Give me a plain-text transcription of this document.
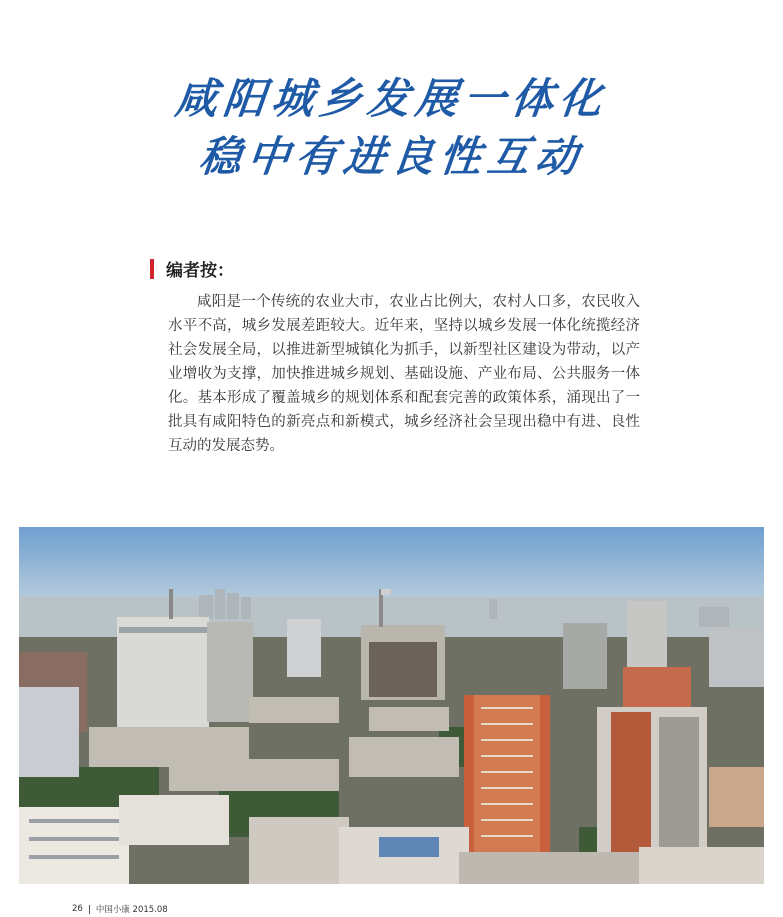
咸阳城乡发展一体化
稳中有进良性互动
编者按：

咸阳是一个传统的农业大市，农业占比例大，农村人口多，农民收入水平不高，城乡发展差距较大。近年来，坚持以城乡发展一体化统揽经济社会发展全局，以推进新型城镇化为抓手，以新型社区建设为带动，以产业增收为支撑，加快推进城乡规划、基础设施、产业布局、公共服务一体化。基本形成了覆盖城乡的规划体系和配套完善的政策体系，涌现出了一批具有咸阳特色的新亮点和新模式，城乡经济社会呈现出稳中有进、良性互动的发展态势。

26 中国小康 2015.08
